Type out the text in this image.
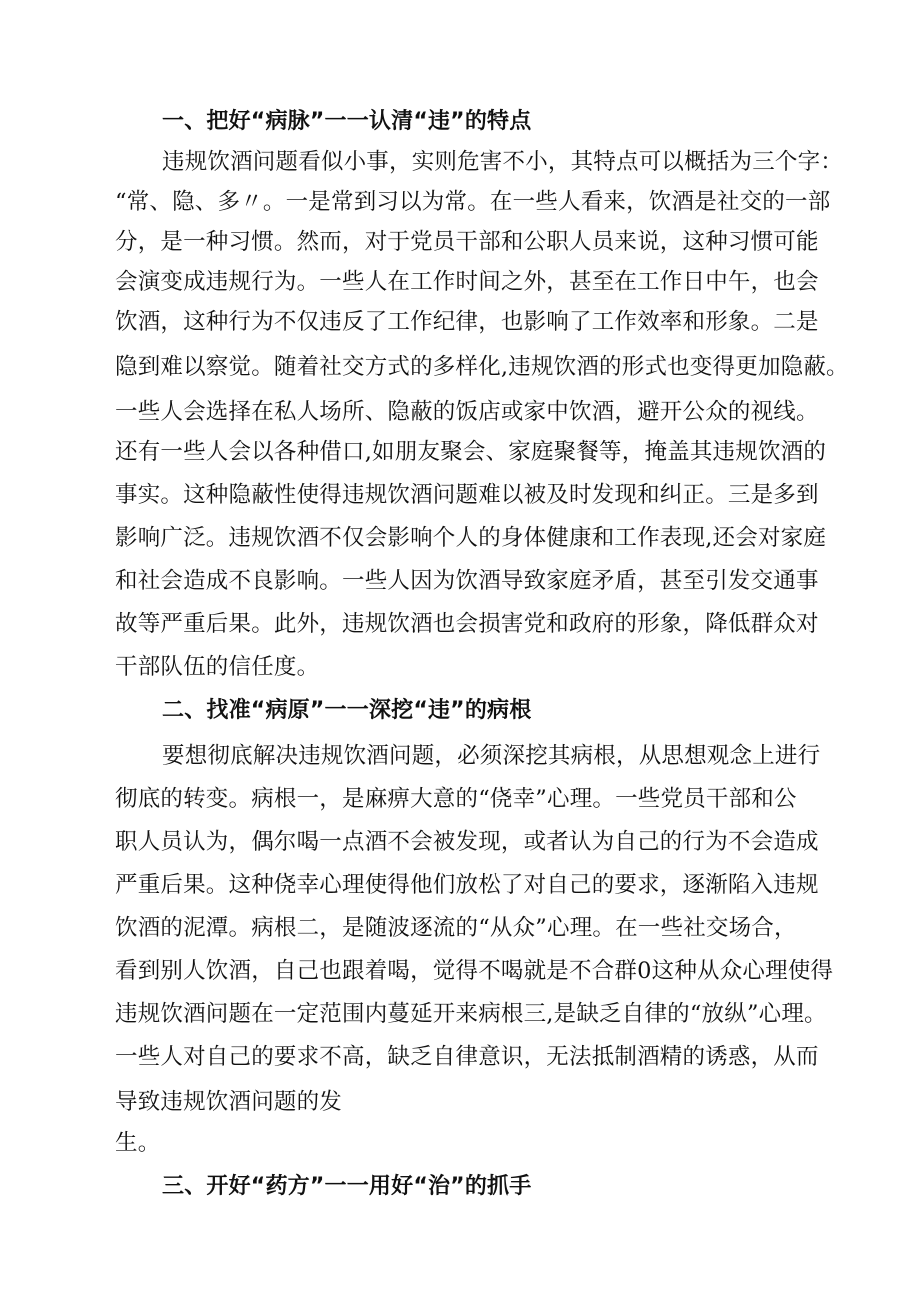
一、把好“病脉”一一认清“违”的特点
违规饮酒问题看似小事，实则危害不小，其特点可以概括为三个字：
“常、隐、多〃。一是常到习以为常。在一些人看来，饮酒是社交的一部
分，是一种习惯。然而，对于党员干部和公职人员来说，这种习惯可能
会演变成违规行为。一些人在工作时间之外，甚至在工作日中午，也会
饮酒，这种行为不仅违反了工作纪律，也影响了工作效率和形象。二是
隐到难以察觉。随着社交方式的多样化,违规饮酒的形式也变得更加隐蔽。
一些人会选择在私人场所、隐蔽的饭店或家中饮酒，避开公众的视线。
还有一些人会以各种借口,如朋友聚会、家庭聚餐等，掩盖其违规饮酒的
事实。这种隐蔽性使得违规饮酒问题难以被及时发现和纠正。三是多到
影响广泛。违规饮酒不仅会影响个人的身体健康和工作表现,还会对家庭
和社会造成不良影响。一些人因为饮酒导致家庭矛盾，甚至引发交通事
故等严重后果。此外，违规饮酒也会损害党和政府的形象，降低群众对
干部队伍的信任度。
二、找准“病原”一一深挖“违”的病根
要想彻底解决违规饮酒问题，必须深挖其病根，从思想观念上进行
彻底的转变。病根一，是麻痹大意的“侥幸”心理。一些党员干部和公
职人员认为，偶尔喝一点酒不会被发现，或者认为自己的行为不会造成
严重后果。这种侥幸心理使得他们放松了对自己的要求，逐渐陷入违规
饮酒的泥潭。病根二，是随波逐流的“从众”心理。在一些社交场合，
看到别人饮酒，自己也跟着喝，觉得不喝就是不合群0这种从众心理使得
违规饮酒问题在一定范围内蔓延开来病根三,是缺乏自律的“放纵”心理。
一些人对自己的要求不高，缺乏自律意识，无法抵制酒精的诱惑，从而
导致违规饮酒问题的发
生。
三、开好“药方”一一用好“治”的抓手
